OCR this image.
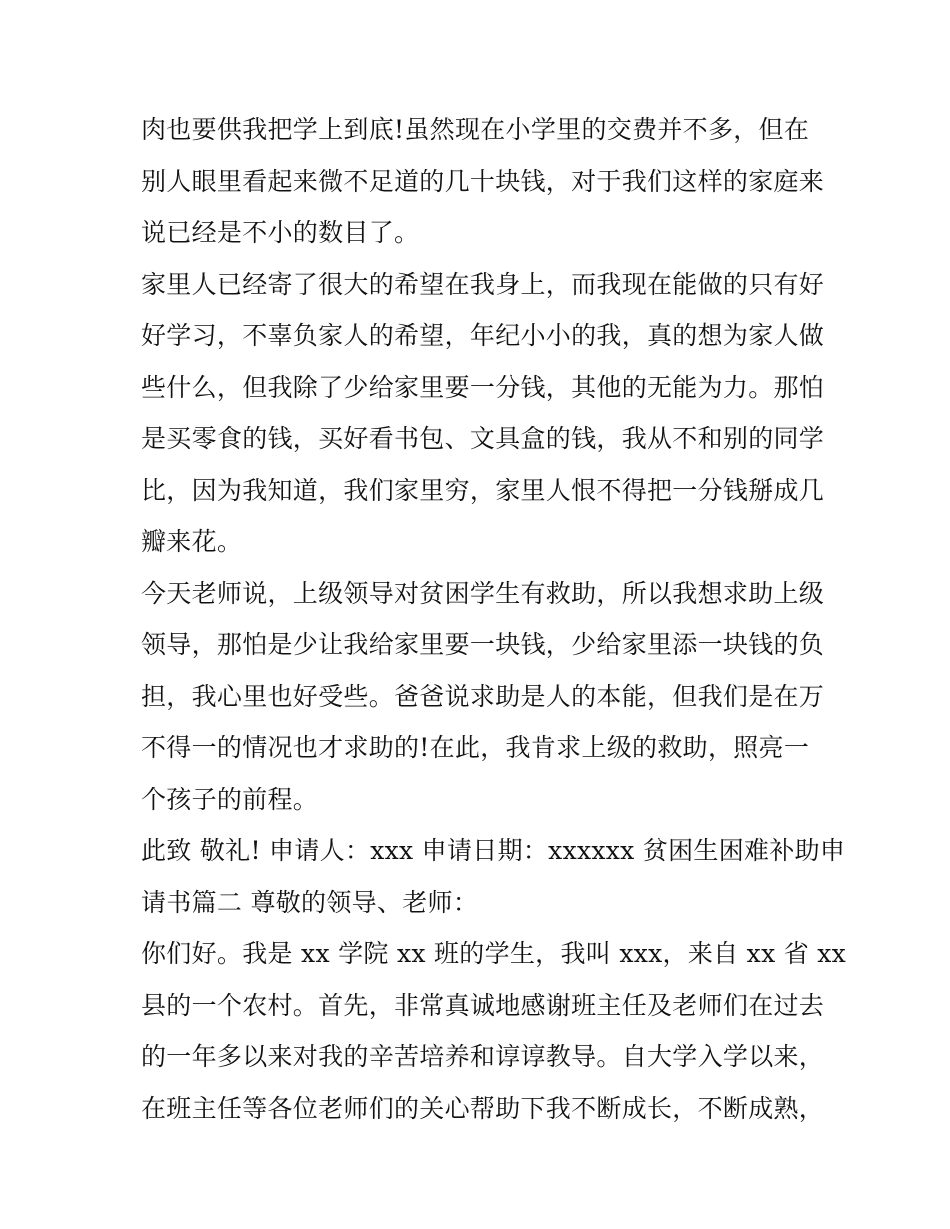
肉也要供我把学上到底!虽然现在小学里的交费并不多，但在
别人眼里看起来微不足道的几十块钱，对于我们这样的家庭来
说已经是不小的数目了。
家里人已经寄了很大的希望在我身上，而我现在能做的只有好
好学习，不辜负家人的希望，年纪小小的我，真的想为家人做
些什么，但我除了少给家里要一分钱，其他的无能为力。那怕
是买零食的钱，买好看书包、文具盒的钱，我从不和别的同学
比，因为我知道，我们家里穷，家里人恨不得把一分钱掰成几
瓣来花。
今天老师说，上级领导对贫困学生有救助，所以我想求助上级
领导，那怕是少让我给家里要一块钱，少给家里添一块钱的负
担，我心里也好受些。爸爸说求助是人的本能，但我们是在万
不得一的情况也才求助的!在此，我肯求上级的救助，照亮一
个孩子的前程。
此致 敬礼! 申请人：xxx 申请日期：xxxxxx 贫困生困难补助申
请书篇二 尊敬的领导、老师：
你们好。我是 xx 学院 xx 班的学生，我叫 xxx，来自 xx 省 xx
县的一个农村。首先，非常真诚地感谢班主任及老师们在过去
的一年多以来对我的辛苦培养和谆谆教导。自大学入学以来，
在班主任等各位老师们的关心帮助下我不断成长，不断成熟，
